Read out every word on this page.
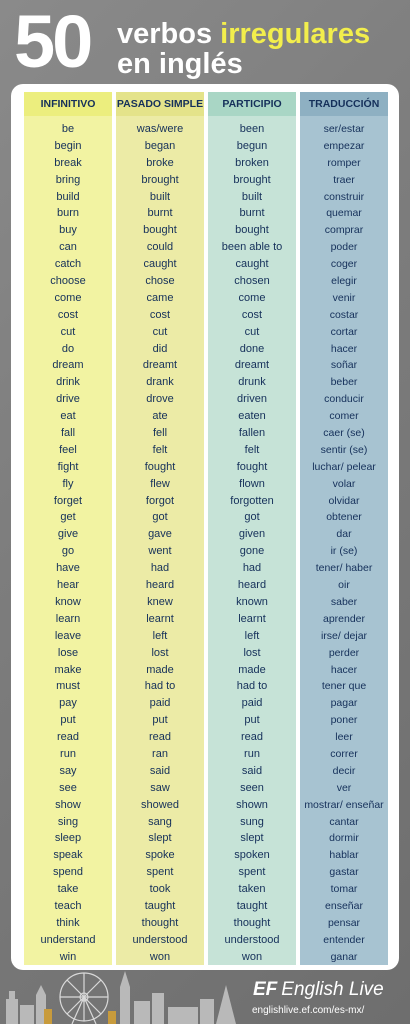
50 verbos irregulares
en inglés
INFINITIVO
be
begin
break
bring
build
burn
buy
can
catch
choose
come
cost
cut
do
dream
drink
drive
eat
fall
feel
fight
fly
forget
get
give
go
have
hear
know
learn
leave
lose
make
must
pay
put
read
run
say
see
show
sing
sleep
speak
spend
take
teach
think
understand
win
PASADO SIMPLE
was/were
began
broke
brought
built
burnt
bought
could
caught
chose
came
cost
cut
did
dreamt
drank
drove
ate
fell
felt
fought
flew
forgot
got
gave
went
had
heard
knew
learnt
left
lost
made
had to
paid
put
read
ran
said
saw
showed
sang
slept
spoke
spent
took
taught
thought
understood
won
PARTICIPIO
been
begun
broken
brought
built
burnt
bought
been able to
caught
chosen
come
cost
cut
done
dreamt
drunk
driven
eaten
fallen
felt
fought
flown
forgotten
got
given
gone
had
heard
known
learnt
left
lost
made
had to
paid
put
read
run
said
seen
shown
sung
slept
spoken
spent
taken
taught
thought
understood
won
TRADUCCIÓN
ser/estar
empezar
romper
traer
construir
quemar
comprar
poder
coger
elegir
venir
costar
cortar
hacer
soñar
beber
conducir
comer
caer (se)
sentir (se)
luchar/ pelear
volar
olvidar
obtener
dar
ir (se)
tener/ haber
oir
saber
aprender
irse/ dejar
perder
hacer
tener que
pagar
poner
leer
correr
decir
ver
mostrar/ enseñar
cantar
dormir
hablar
gastar
tomar
enseñar
pensar
entender
ganar
EF English Live
englishlive.ef.com/es-mx/
